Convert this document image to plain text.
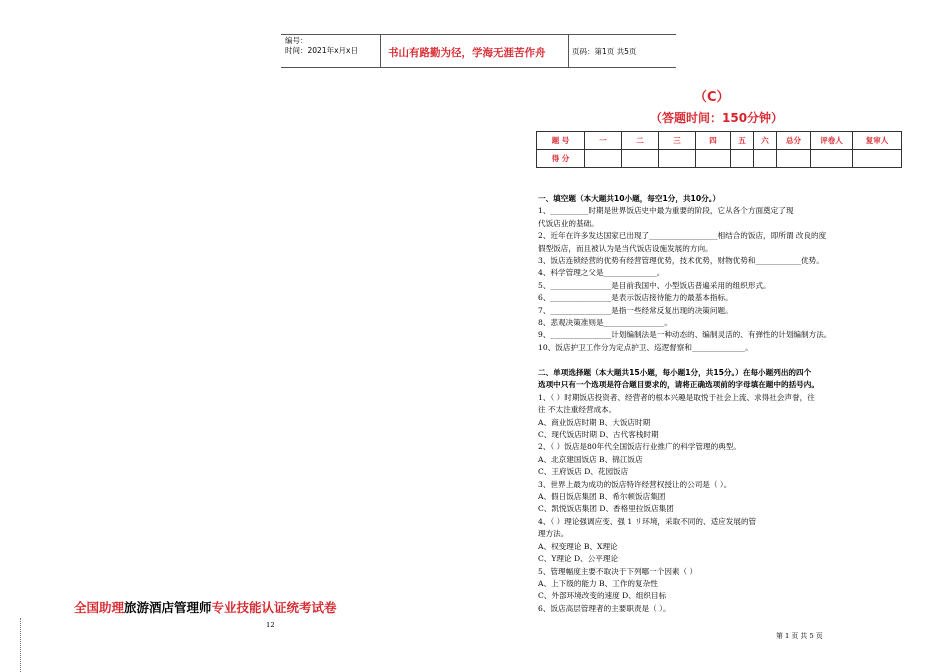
编号：
时间：2021年x月x日	书山有路勤为径，学海无涯苦作舟	页码：第1页 共5页
（C）
（答题时间：150分钟）
题 号	一	二	三	四	五	六	总分	评卷人	复审人
得 分									
一、填空题（本大题共10小题，每空1分，共10分。）
1、__________时期是世界饭店史中最为重要的阶段，它从各个方面奠定了现
代饭店业的基础。
2、近年在许多发达国家已出现了__________________相结合的饭店，即所谓 改良的度
假型饭店，而且被认为是当代饭店设施发展的方向。
3、饭店连锁经营的优势有经营管理优势，技术优势，财物优势和____________优势。
4、科学管理之父是______________。
5、________________是目前我国中、小型饭店普遍采用的组织形式。
6、________________是表示饭店接待能力的最基本指标。
7、________________是指一些经常反复出现的决策问题。
8、悲观决策准则是________________。
9、________________计划编制法是一种动态的、编制灵活的、有弹性的计划编制方法。
10、饭店护卫工作分为定点护卫、巡逻督察和______________。
二、单项选择题（本大题共15小题，每小题1分，共15分。）在每小题列出的四个
选项中只有一个选项是符合题目要求的，请将正确选项前的字母填在题中的括号内。
1、（ ）时期饭店投资者、经营者的根本兴趣是取悦于社会上流、求得社会声誉，往
往 不太注重经营成本。
A、商业饭店时期 B、大饭店时期
C、现代饭店时期 D、古代客栈时期
2、（ ）饭店是80年代全国饭店行业推广的科学管理的典型。
A、北京建国饭店 B、锦江饭店
C、王府饭店 D、花园饭店
3、世界上最为成功的饭店特许经营权授让的公司是（ ）。
A、假日饭店集团 B、希尔顿饭店集团
C、凯悦饭店集团 D、香格里拉饭店集团
4、（ ）理论强调应变、强 1 リ环境，采取不同的、适应发展的管
理方法。
A、权变理论 B、X理论
C、Y理论 D、公平理论
5、管理幅度主要不取决于下列哪一个因素（ ）
A、上下级的能力 B、工作的复杂性
C、外部环境改变的速度 D、组织目标
6、饭店高层管理者的主要职责是（ ）。
全国助理旅游酒店管理师专业技能认证统考试卷
12
第 1 页 共 5 页
